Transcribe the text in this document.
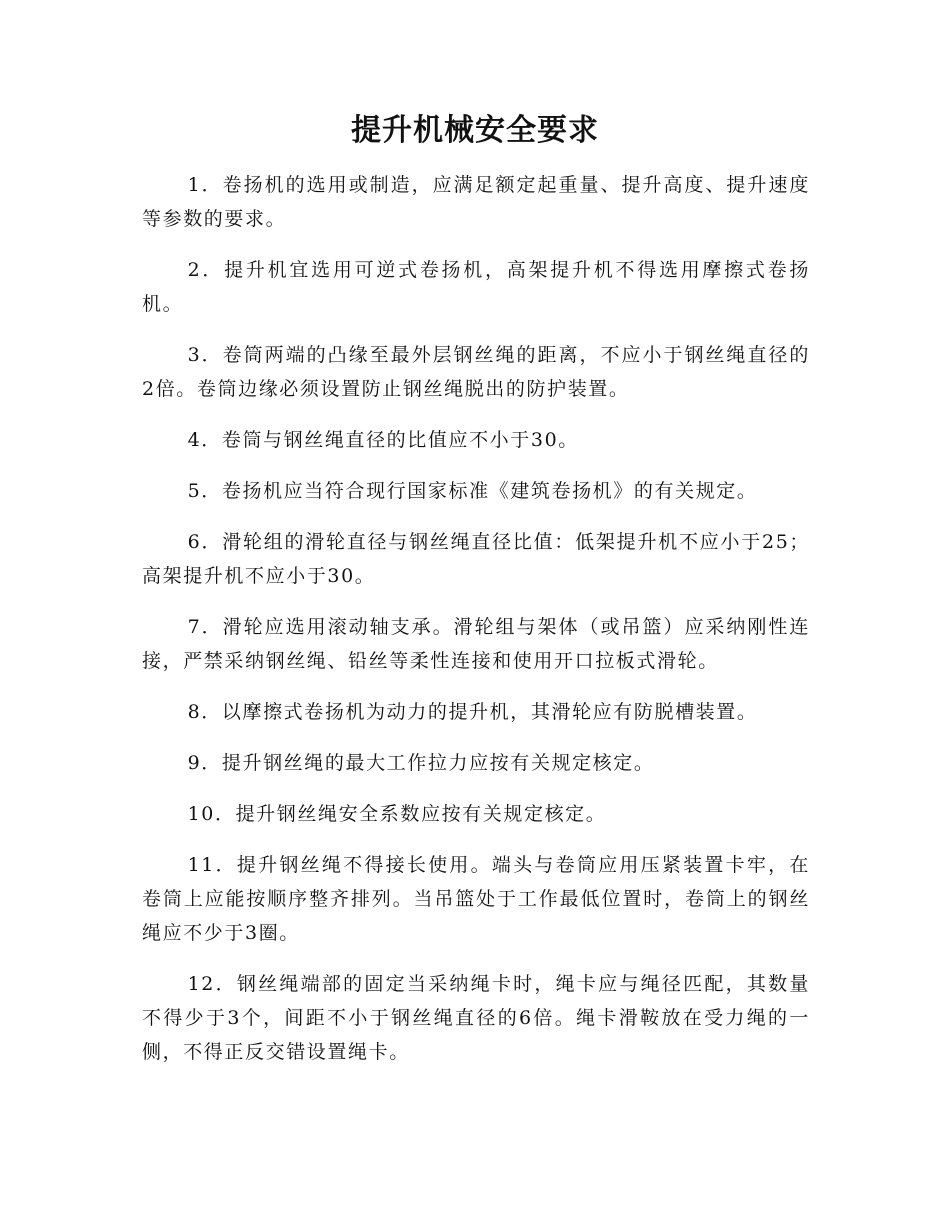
提升机械安全要求

1．卷扬机的选用或制造，应满足额定起重量、提升高度、提升速度等参数的要求。

2．提升机宜选用可逆式卷扬机，高架提升机不得选用摩擦式卷扬机。

3．卷筒两端的凸缘至最外层钢丝绳的距离，不应小于钢丝绳直径的2倍。卷筒边缘必须设置防止钢丝绳脱出的防护装置。

4．卷筒与钢丝绳直径的比值应不小于30。

5．卷扬机应当符合现行国家标准《建筑卷扬机》的有关规定。

6．滑轮组的滑轮直径与钢丝绳直径比值：低架提升机不应小于25；高架提升机不应小于30。

7．滑轮应选用滚动轴支承。滑轮组与架体（或吊篮）应采纳刚性连接，严禁采纳钢丝绳、铅丝等柔性连接和使用开口拉板式滑轮。

8．以摩擦式卷扬机为动力的提升机，其滑轮应有防脱槽装置。

9．提升钢丝绳的最大工作拉力应按有关规定核定。

10．提升钢丝绳安全系数应按有关规定核定。

11．提升钢丝绳不得接长使用。端头与卷筒应用压紧装置卡牢，在卷筒上应能按顺序整齐排列。当吊篮处于工作最低位置时，卷筒上的钢丝绳应不少于3圈。

12．钢丝绳端部的固定当采纳绳卡时，绳卡应与绳径匹配，其数量不得少于3个，间距不小于钢丝绳直径的6倍。绳卡滑鞍放在受力绳的一侧，不得正反交错设置绳卡。
